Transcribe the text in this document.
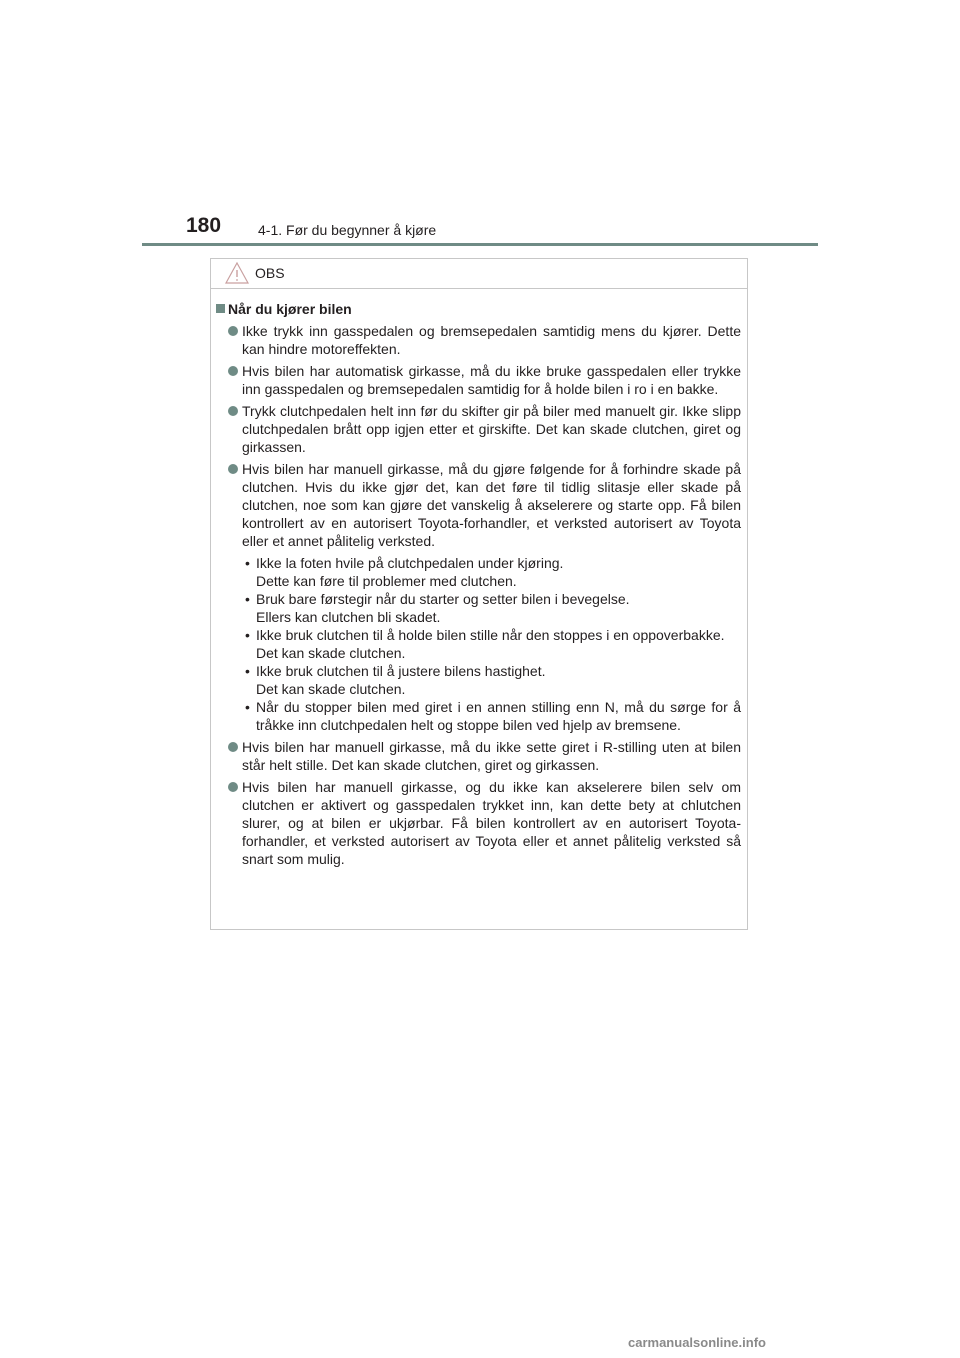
180	4-1. Før du begynner å kjøre
OBS
Når du kjører bilen
Ikke trykk inn gasspedalen og bremsepedalen samtidig mens du kjører. Dette kan hindre motoreffekten.
Hvis bilen har automatisk girkasse, må du ikke bruke gasspedalen eller trykke inn gasspedalen og bremsepedalen samtidig for å holde bilen i ro i en bakke.
Trykk clutchpedalen helt inn før du skifter gir på biler med manuelt gir. Ikke slipp clutchpedalen brått opp igjen etter et girskifte. Det kan skade clutchen, giret og girkassen.
Hvis bilen har manuell girkasse, må du gjøre følgende for å forhindre skade på clutchen. Hvis du ikke gjør det, kan det føre til tidlig slitasje eller skade på clutchen, noe som kan gjøre det vanskelig å akselerere og starte opp. Få bilen kontrollert av en autorisert Toyota-forhandler, et verksted autorisert av Toyota eller et annet pålitelig verksted.
• Ikke la foten hvile på clutchpedalen under kjøring.
Dette kan føre til problemer med clutchen.
• Bruk bare førstegir når du starter og setter bilen i bevegelse.
Ellers kan clutchen bli skadet.
• Ikke bruk clutchen til å holde bilen stille når den stoppes i en oppoverbakke.
Det kan skade clutchen.
• Ikke bruk clutchen til å justere bilens hastighet.
Det kan skade clutchen.
• Når du stopper bilen med giret i en annen stilling enn N, må du sørge for å tråkke inn clutchpedalen helt og stoppe bilen ved hjelp av bremsene.
Hvis bilen har manuell girkasse, må du ikke sette giret i R-stilling uten at bilen står helt stille. Det kan skade clutchen, giret og girkassen.
Hvis bilen har manuell girkasse, og du ikke kan akselerere bilen selv om clutchen er aktivert og gasspedalen trykket inn, kan dette bety at chlutchen slurer, og at bilen er ukjørbar. Få bilen kontrollert av en autorisert Toyota-forhandler, et verksted autorisert av Toyota eller et annet pålitelig verksted så snart som mulig.
carmanualsonline.info
